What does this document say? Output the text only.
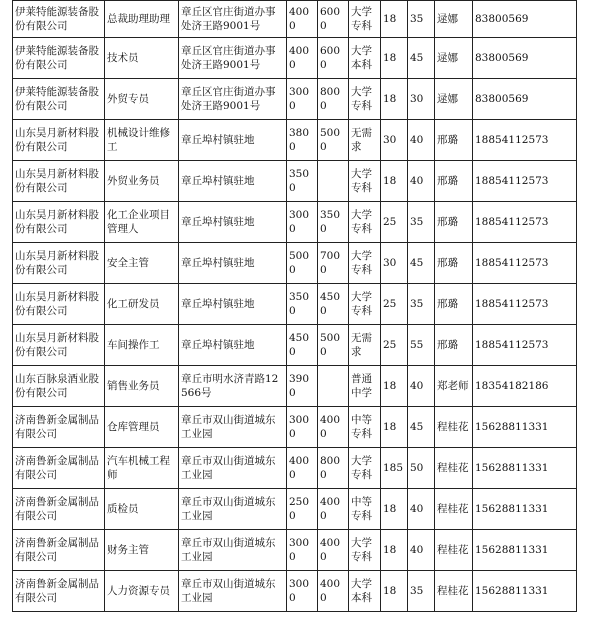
伊莱特能源装备股份有限公司	总裁助理助理	章丘区官庄街道办事处济王路9001号	4000	6000	大学专科	18	35	逯娜	83800569
伊莱特能源装备股份有限公司	技术员	章丘区官庄街道办事处济王路9001号	4000	6000	大学本科	18	45	逯娜	83800569
伊莱特能源装备股份有限公司	外贸专员	章丘区官庄街道办事处济王路9001号	3000	8000	大学专科	18	30	逯娜	83800569
山东昊月新材料股份有限公司	机械设计维修工	章丘埠村镇驻地	3800	5000	无需求	30	40	邢璐	18854112573
山东昊月新材料股份有限公司	外贸业务员	章丘埠村镇驻地	3500		大学专科	18	40	邢璐	18854112573
山东昊月新材料股份有限公司	化工企业项目管理人	章丘埠村镇驻地	3000	3500	大学专科	25	35	邢璐	18854112573
山东昊月新材料股份有限公司	安全主管	章丘埠村镇驻地	5000	7000	大学专科	30	45	邢璐	18854112573
山东昊月新材料股份有限公司	化工研发员	章丘埠村镇驻地	3500	4500	大学专科	25	35	邢璐	18854112573
山东昊月新材料股份有限公司	车间操作工	章丘埠村镇驻地	4500	5000	无需求	25	55	邢璐	18854112573
山东百脉泉酒业股份有限公司	销售业务员	章丘市明水济青路12566号	3900		普通中学	18	40	郑老师	18354182186
济南鲁新金属制品有限公司	仓库管理员	章丘市双山街道城东工业园	3000	4000	中等专科	18	45	程桂花	15628811331
济南鲁新金属制品有限公司	汽车机械工程师	章丘市双山街道城东工业园	4000	8000	大学专科	185	50	程桂花	15628811331
济南鲁新金属制品有限公司	质检员	章丘市双山街道城东工业园	2500	4000	中等专科	18	40	程桂花	15628811331
济南鲁新金属制品有限公司	财务主管	章丘市双山街道城东工业园	3000	4000	大学专科	18	40	程桂花	15628811331
济南鲁新金属制品有限公司	人力资源专员	章丘市双山街道城东工业园	3000	4000	大学本科	18	35	程桂花	15628811331
